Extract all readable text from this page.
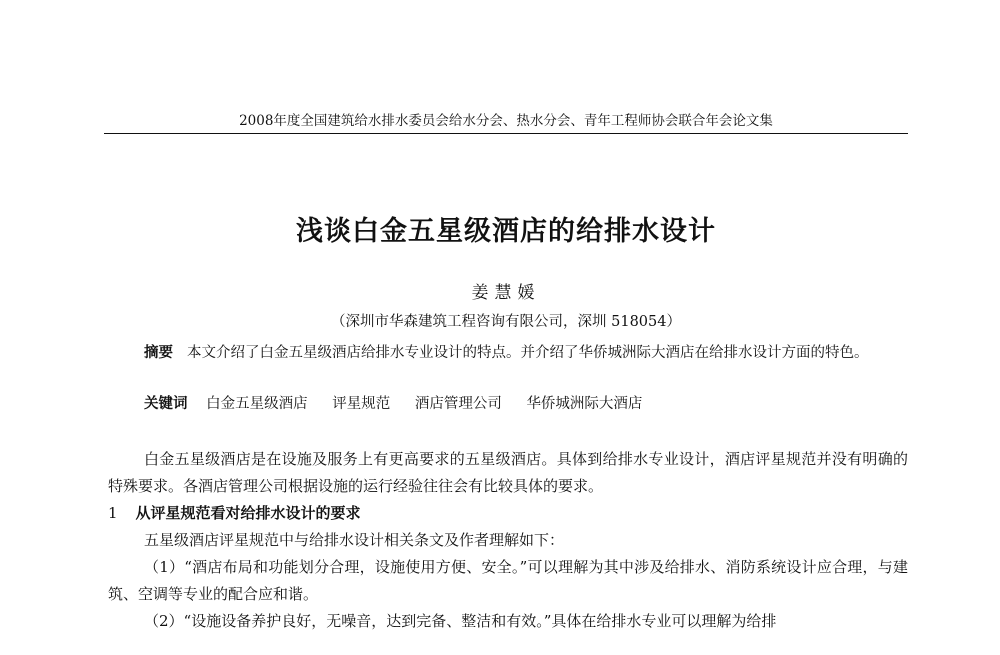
2008年度全国建筑给水排水委员会给水分会、热水分会、青年工程师协会联合年会论文集
浅谈白金五星级酒店的给排水设计
姜慧媛
（深圳市华森建筑工程咨询有限公司，深圳 518054）
摘要 本文介绍了白金五星级酒店给排水专业设计的特点。并介绍了华侨城洲际大酒店在给排水设计方面的特色。
关键词 白金五星级酒店 评星规范 酒店管理公司 华侨城洲际大酒店

白金五星级酒店是在设施及服务上有更高要求的五星级酒店。具体到给排水专业设计，酒店评星规范并没有明确的特殊要求。各酒店管理公司根据设施的运行经验往往会有比较具体的要求。

1 从评星规范看对给排水设计的要求

五星级酒店评星规范中与给排水设计相关条文及作者理解如下：

（1）“酒店布局和功能划分合理，设施使用方便、安全。”可以理解为其中涉及给排水、消防系统设计应合理，与建筑、空调等专业的配合应和谐。

（2）“设施设备养护良好，无噪音，达到完备、整洁和有效。”具体在给排水专业可以理解为给排
